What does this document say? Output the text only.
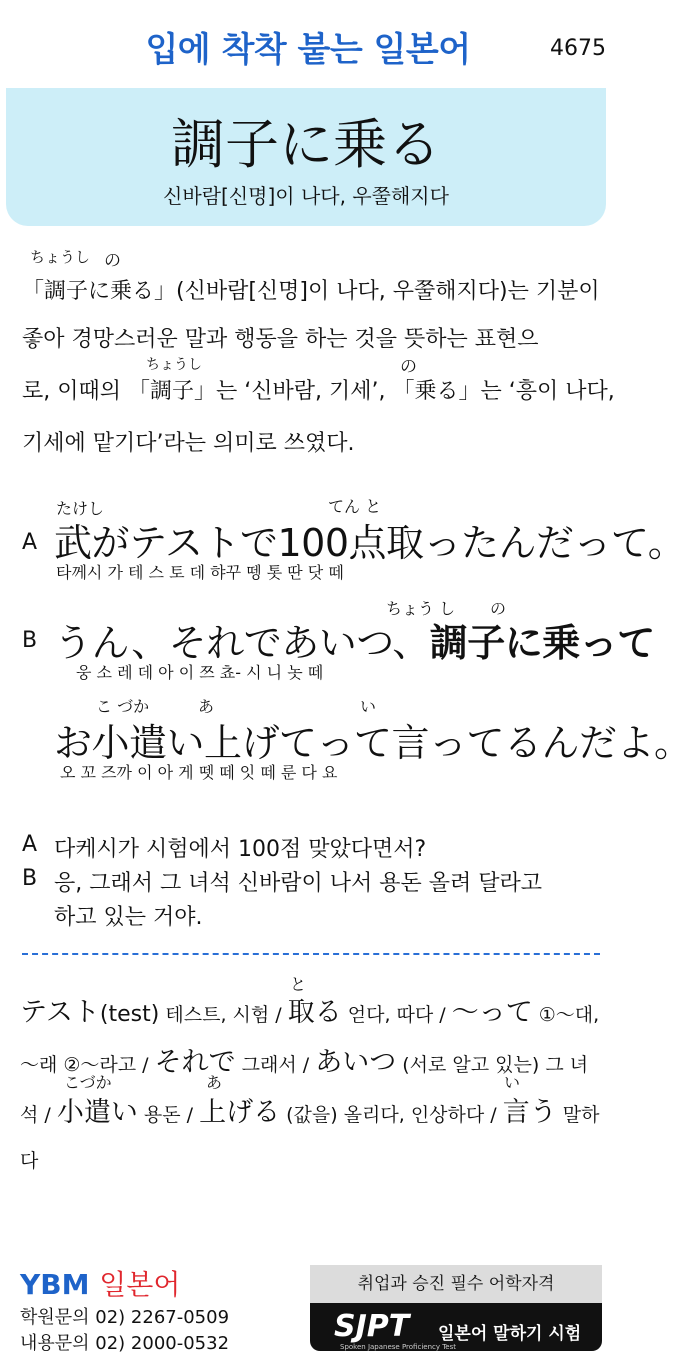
입에 착착 붙는 일본어	4675
調子に乗る
신바람[신명]이 나다, 우쭐해지다
ちょうし の
「調子に乗る」(신바람[신명]이 나다, 우쭐해지다)는 기분이
좋아 경망스러운 말과 행동을 하는 것을 뜻하는 표현으
ちょうし	の
로, 이때의 「調子」는 ‘신바람, 기세’, 「乗る」는 ‘흥이 나다,
기세에 맡기다’라는 의미로 쓰였다.
たけし	てん と
A 武がテストで100点取ったんだって。
타께시 가 테 스 토 데 햐꾸 뗑 톳 딴 닷 떼
ちょう し の
B うん、それであいつ、調子に乗って
웅 소 레 데 아 이 쯔 쵸- 시 니 놋 떼
こ づか	あ	い
お小遣い上げてって言ってるんだよ。
오 꼬 즈까 이 아 게 뗏 떼 잇 떼 룬 다 요
A 다케시가 시험에서 100점 맞았다면서?
B 응, 그래서 그 녀석 신바람이 나서 용돈 올려 달라고
하고 있는 거야.
と
テスト(test) 테스트, 시험 / 取る 얻다, 따다 / ～って ①～대,
～래 ②～라고 / それで 그래서 / あいつ (서로 알고 있는) 그 녀
こづか	あ	い
석 / 小遣い 용돈 / 上げる (값을) 올리다, 인상하다 / 言う 말하
다
YBM 일본어
학원문의 02) 2267-0509
내용문의 02) 2000-0532
취업과 승진 필수 어학자격
SJPT
Spoken Japanese Proficiency Test
일본어 말하기 시험
